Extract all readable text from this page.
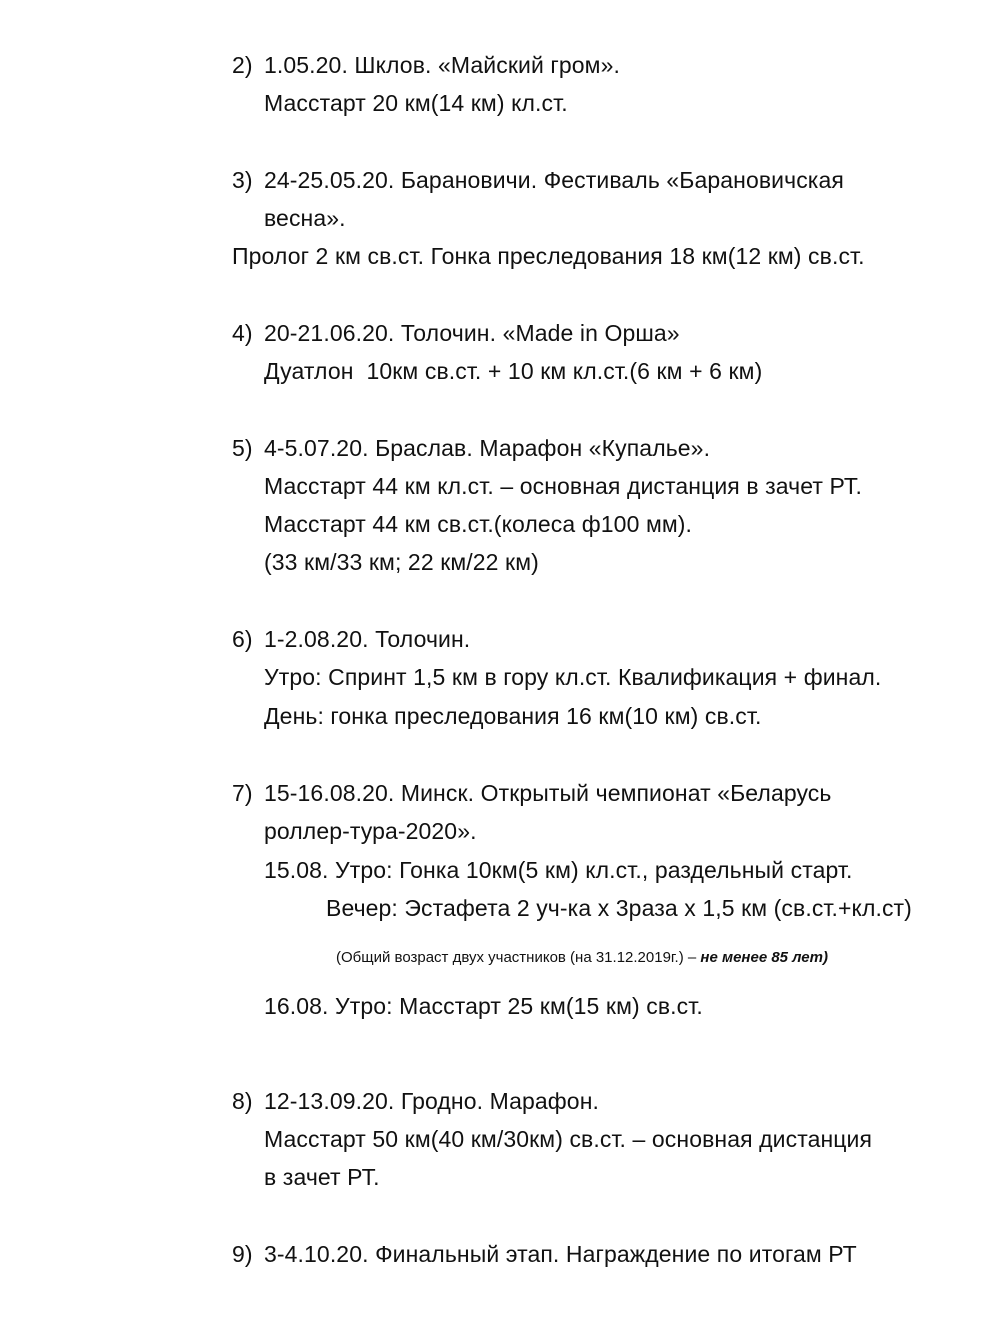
2) 1.05.20. Шклов. «Майский гром».
Масстарт 20 км(14 км) кл.ст.
3) 24-25.05.20. Барановичи. Фестиваль «Барановичская
весна».
Пролог 2 км св.ст. Гонка преследования 18 км(12 км) св.ст.
4) 20-21.06.20. Толочин. «Made in Орша»
Дуатлон  10км св.ст. + 10 км кл.ст.(6 км + 6 км)
5) 4-5.07.20. Браслав. Марафон «Купалье».
Масстарт 44 км кл.ст. – основная дистанция в зачет РТ.
Масстарт 44 км св.ст.(колеса ф100 мм).
(33 км/33 км; 22 км/22 км)
6) 1-2.08.20. Толочин.
Утро: Спринт 1,5 км в гору кл.ст. Квалификация + финал.
День: гонка преследования 16 км(10 км) св.ст.
7) 15-16.08.20. Минск. Открытый чемпионат «Беларусь
роллер-тура-2020».
15.08. Утро: Гонка 10км(5 км) кл.ст., раздельный старт.
Вечер: Эстафета 2 уч-ка х 3раза х 1,5 км (св.ст.+кл.ст)
(Общий возраст двух участников (на 31.12.2019г.) – не менее 85 лет)
16.08. Утро: Масстарт 25 км(15 км) св.ст.
8) 12-13.09.20. Гродно. Марафон.
Масстарт 50 км(40 км/30км) св.ст. – основная дистанция
в зачет РТ.
9) 3-4.10.20. Финальный этап. Награждение по итогам РТ
